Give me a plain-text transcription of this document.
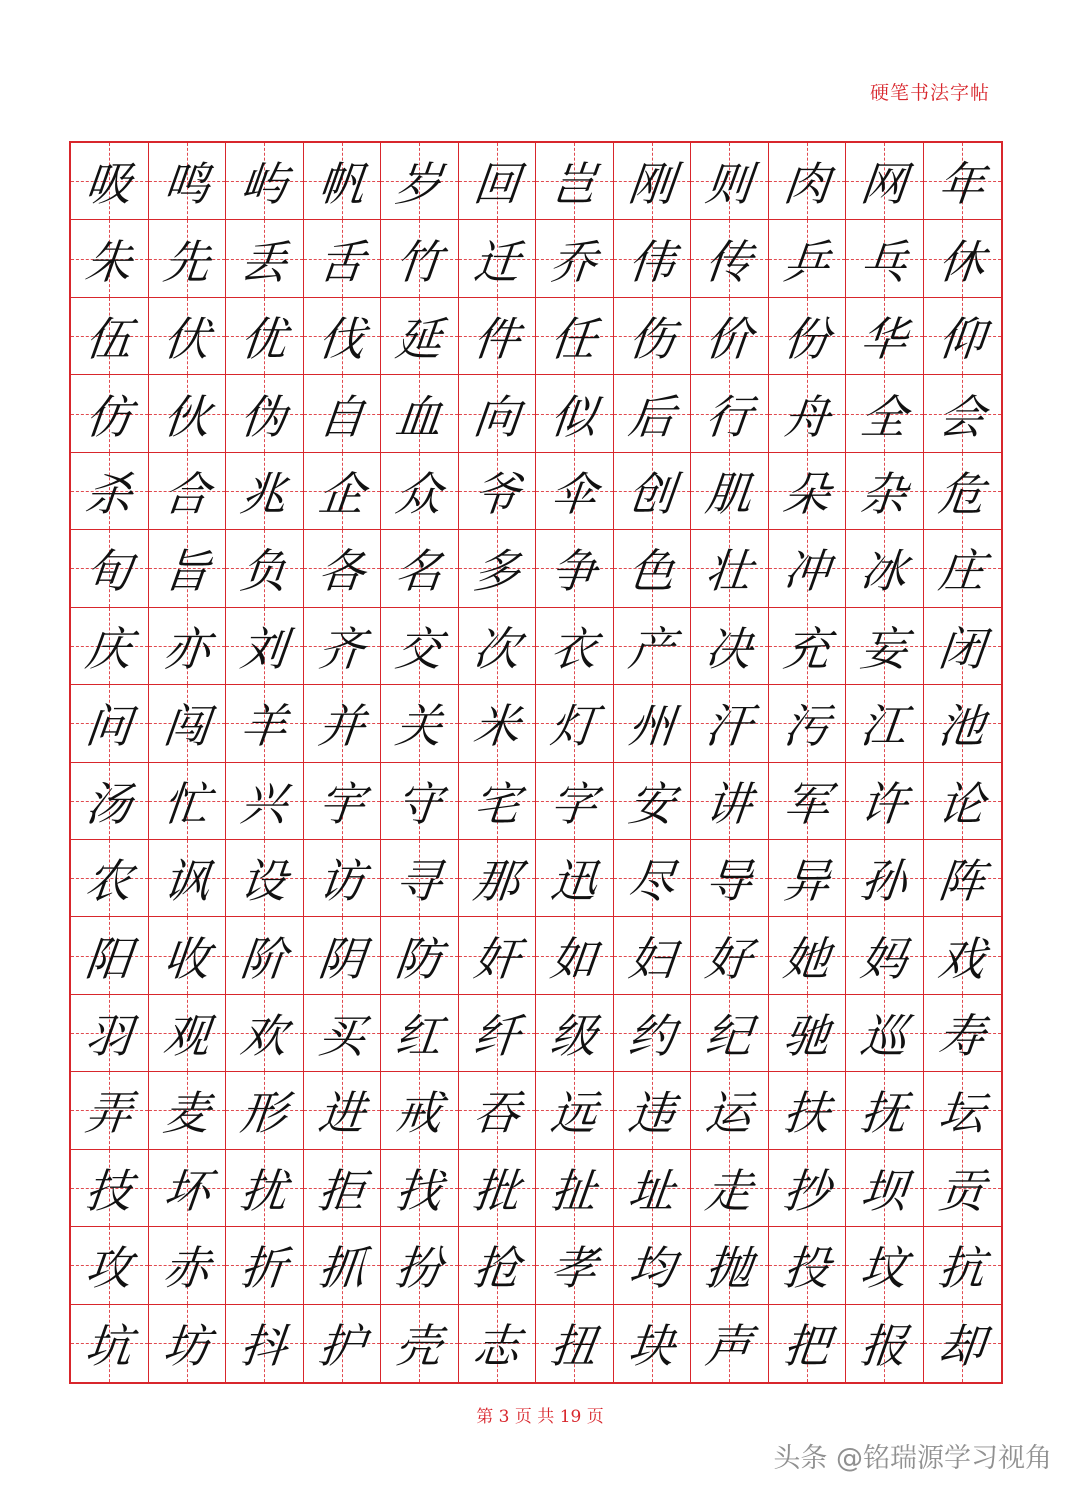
硬笔书法字帖
吸 鸣 屿 帆 岁 回 岂 刚 则 肉 网 年
朱 先 丢 舌 竹 迁 乔 伟 传 乒 乓 休
伍 伏 优 伐 延 件 任 伤 价 份 华 仰
仿 伙 伪 自 血 向 似 后 行 舟 全 会
杀 合 兆 企 众 爷 伞 创 肌 朵 杂 危
旬 旨 负 各 名 多 争 色 壮 冲 冰 庄
庆 亦 刘 齐 交 次 衣 产 决 充 妄 闭
问 闯 羊 并 关 米 灯 州 汗 污 江 池
汤 忙 兴 宇 守 宅 字 安 讲 军 许 论
农 讽 设 访 寻 那 迅 尽 导 异 孙 阵
阳 收 阶 阴 防 奸 如 妇 好 她 妈 戏
羽 观 欢 买 红 纤 级 约 纪 驰 巡 寿
弄 麦 形 进 戒 吞 远 违 运 扶 抚 坛
技 坏 扰 拒 找 批 扯 址 走 抄 坝 贡
攻 赤 折 抓 扮 抢 孝 均 抛 投 坟 抗
坑 坊 抖 护 壳 志 扭 块 声 把 报 却
第 3 页 共 19 页
头条 @铭瑞源学习视角
